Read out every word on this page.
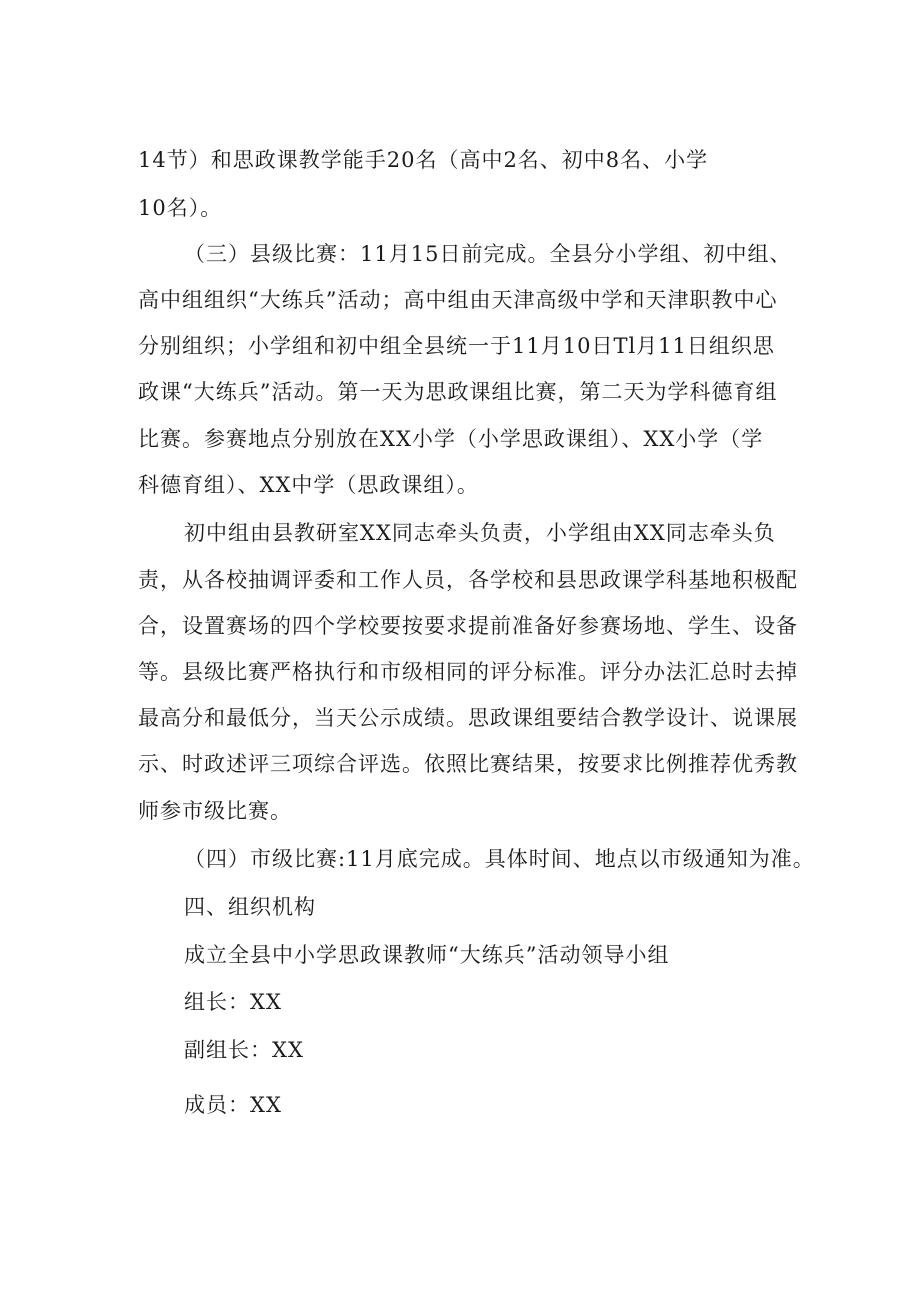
14节）和思政课教学能手20名（高中2名、初中8名、小学
10名）。
（三）县级比赛：11月15日前完成。全县分小学组、初中组、
高中组组织“大练兵”活动；高中组由天津高级中学和天津职教中心
分别组织；小学组和初中组全县统一于11月10日Tl月11日组织思
政课“大练兵”活动。第一天为思政课组比赛，第二天为学科德育组
比赛。参赛地点分别放在XX小学（小学思政课组）、XX小学（学
科德育组）、XX中学（思政课组）。
初中组由县教研室XX同志牵头负责，小学组由XX同志牵头负
责，从各校抽调评委和工作人员，各学校和县思政课学科基地积极配
合，设置赛场的四个学校要按要求提前准备好参赛场地、学生、设备
等。县级比赛严格执行和市级相同的评分标准。评分办法汇总时去掉
最高分和最低分，当天公示成绩。思政课组要结合教学设计、说课展
示、时政述评三项综合评选。依照比赛结果，按要求比例推荐优秀教
师参市级比赛。
（四）市级比赛:11月底完成。具体时间、地点以市级通知为准。
四、组织机构
成立全县中小学思政课教师“大练兵”活动领导小组
组长：XX
副组长：XX
成员：XX
